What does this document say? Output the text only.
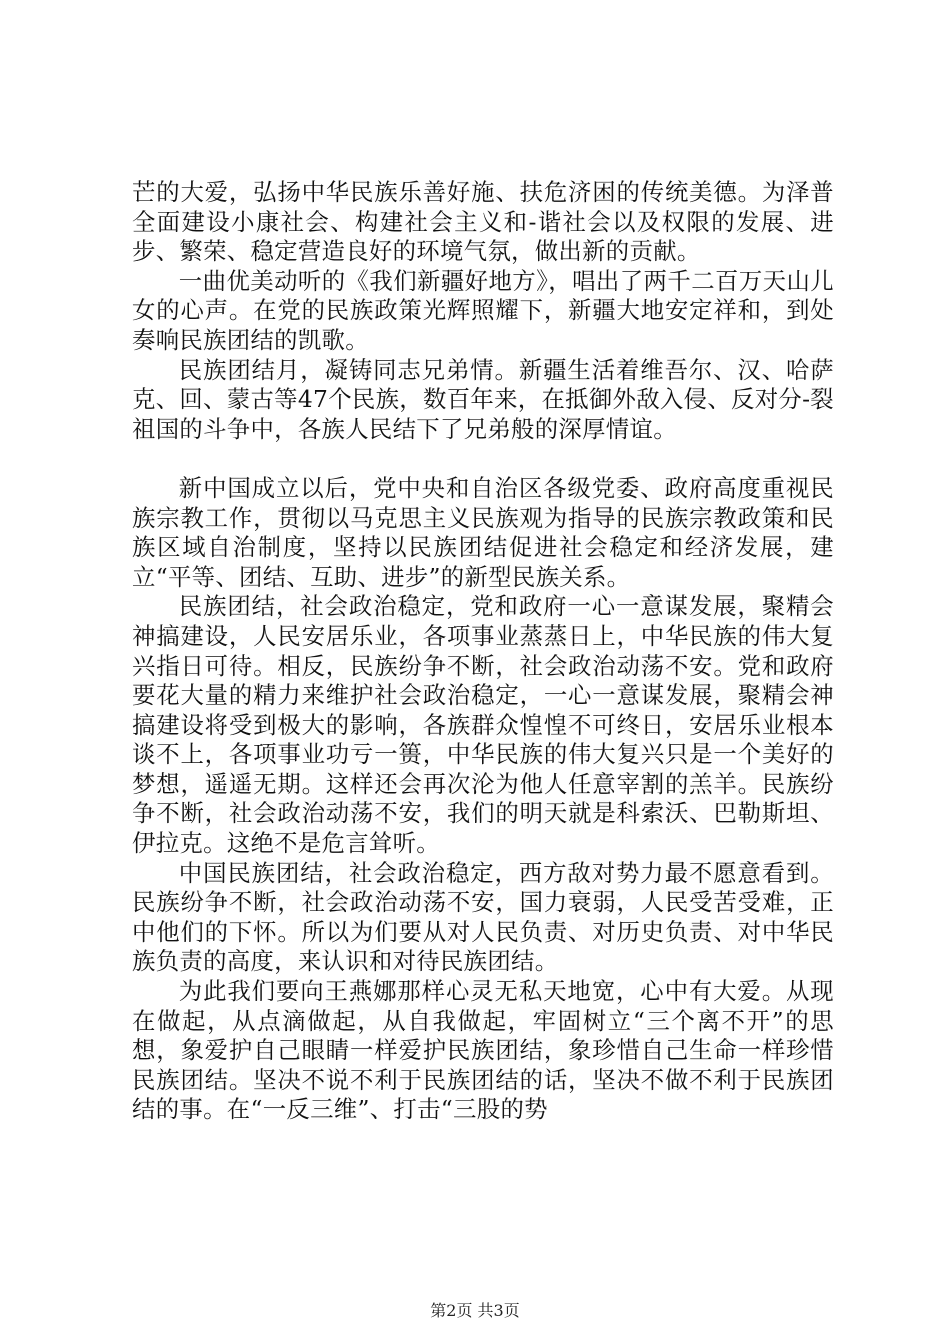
芒的大爱，弘扬中华民族乐善好施、扶危济困的传统美德。为泽普全面建设小康社会、构建社会主义和-谐社会以及权限的发展、进步、繁荣、稳定营造良好的环境气氛，做出新的贡献。

一曲优美动听的《我们新疆好地方》，唱出了两千二百万天山儿女的心声。在党的民族政策光辉照耀下，新疆大地安定祥和，到处奏响民族团结的凯歌。

民族团结月，凝铸同志兄弟情。新疆生活着维吾尔、汉、哈萨克、回、蒙古等47个民族，数百年来，在抵御外敌入侵、反对分-裂祖国的斗争中，各族人民结下了兄弟般的深厚情谊。

新中国成立以后，党中央和自治区各级党委、政府高度重视民族宗教工作，贯彻以马克思主义民族观为指导的民族宗教政策和民族区域自治制度，坚持以民族团结促进社会稳定和经济发展，建立“平等、团结、互助、进步”的新型民族关系。

民族团结，社会政治稳定，党和政府一心一意谋发展，聚精会神搞建设，人民安居乐业，各项事业蒸蒸日上，中华民族的伟大复兴指日可待。相反，民族纷争不断，社会政治动荡不安。党和政府要花大量的精力来维护社会政治稳定，一心一意谋发展，聚精会神搞建设将受到极大的影响，各族群众惶惶不可终日，安居乐业根本谈不上，各项事业功亏一篑，中华民族的伟大复兴只是一个美好的梦想，遥遥无期。这样还会再次沦为他人任意宰割的羔羊。民族纷争不断，社会政治动荡不安，我们的明天就是科索沃、巴勒斯坦、伊拉克。这绝不是危言耸听。

中国民族团结，社会政治稳定，西方敌对势力最不愿意看到。民族纷争不断，社会政治动荡不安，国力衰弱，人民受苦受难，正中他们的下怀。所以为们要从对人民负责、对历史负责、对中华民族负责的高度，来认识和对待民族团结。

为此我们要向王燕娜那样心灵无私天地宽，心中有大爱。从现在做起，从点滴做起，从自我做起，牢固树立“三个离不开”的思想，象爱护自己眼睛一样爱护民族团结，象珍惜自己生命一样珍惜民族团结。坚决不说不利于民族团结的话，坚决不做不利于民族团结的事。在“一反三维”、打击“三股的势

第2页 共3页
